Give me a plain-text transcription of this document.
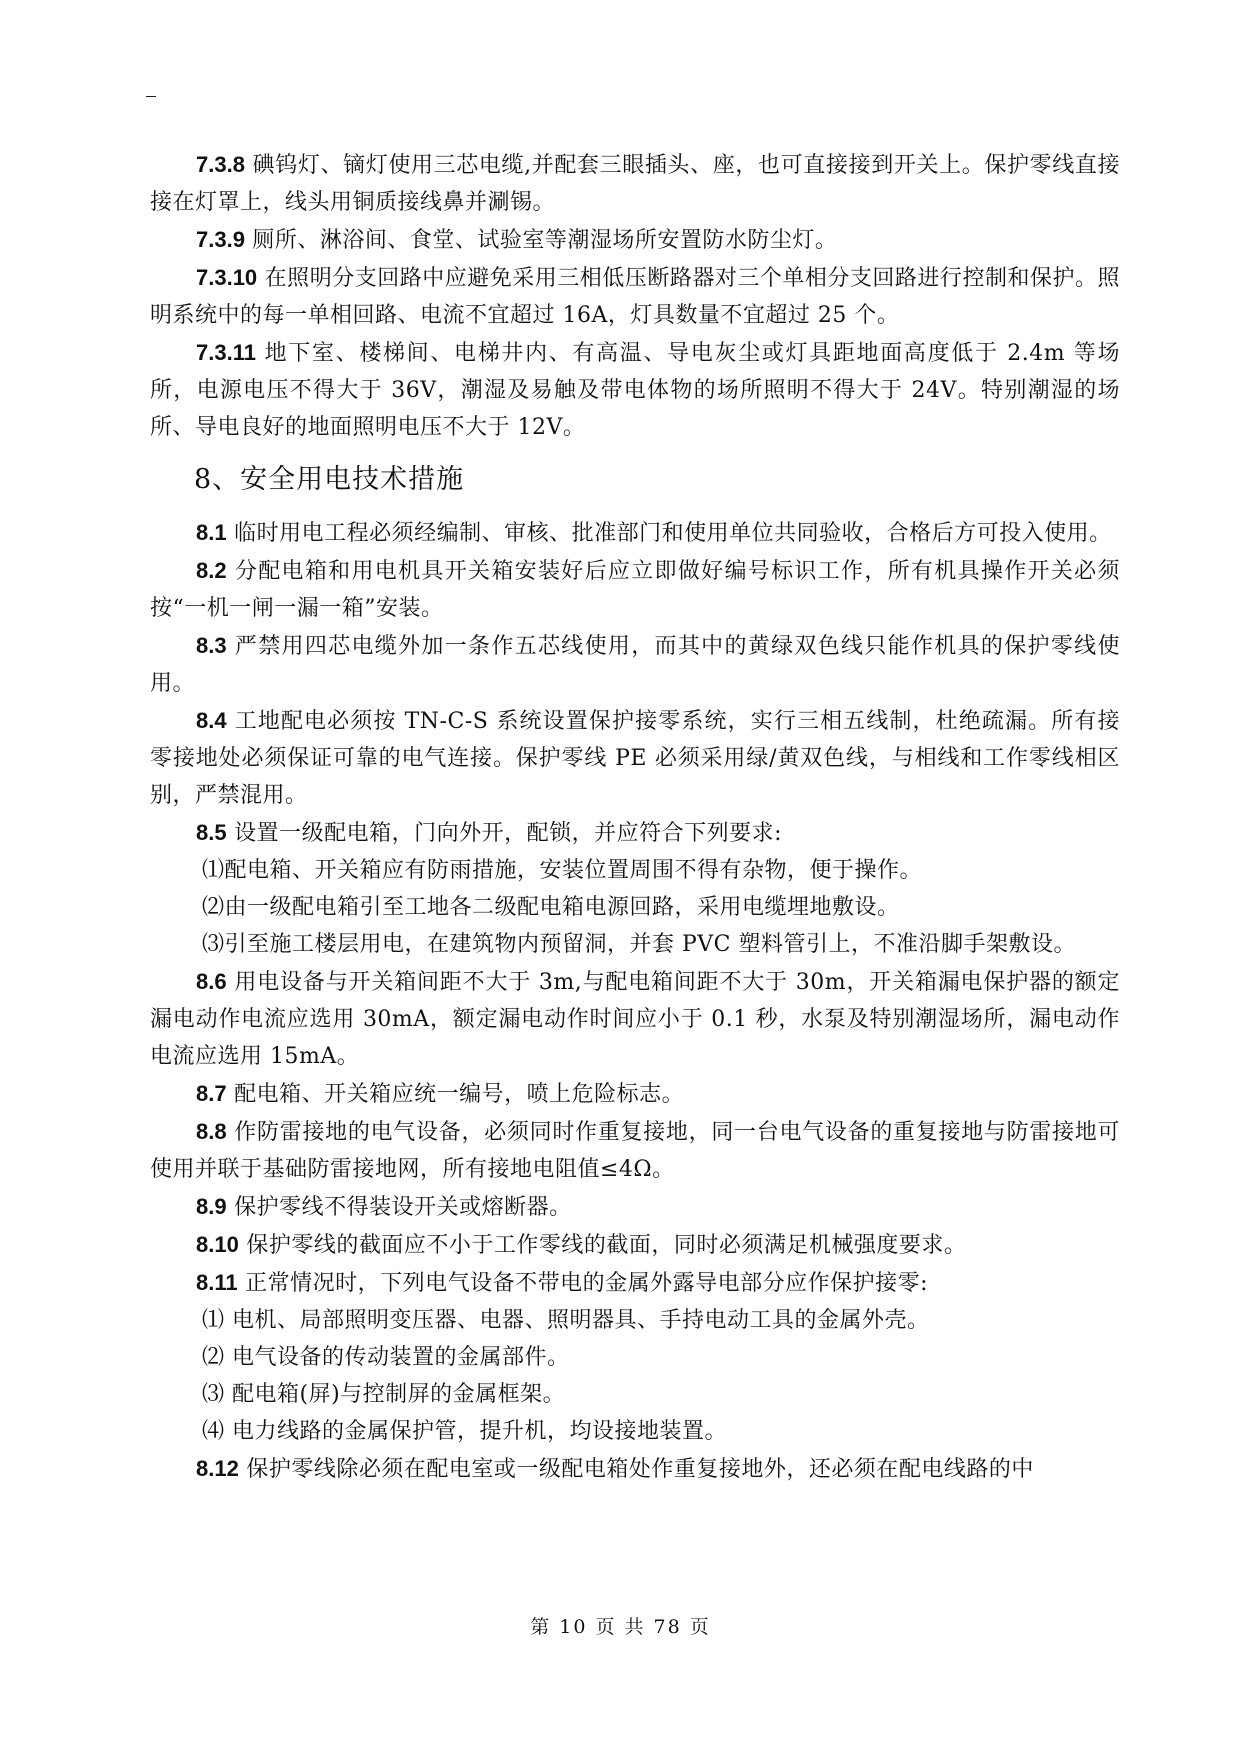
7.3.8 碘钨灯、镝灯使用三芯电缆,并配套三眼插头、座，也可直接接到开关上。保护零线直接接在灯罩上，线头用铜质接线鼻并涮锡。

7.3.9 厕所、淋浴间、食堂、试验室等潮湿场所安置防水防尘灯。

7.3.10 在照明分支回路中应避免采用三相低压断路器对三个单相分支回路进行控制和保护。照明系统中的每一单相回路、电流不宜超过 16A，灯具数量不宜超过 25 个。

7.3.11 地下室、楼梯间、电梯井内、有高温、导电灰尘或灯具距地面高度低于 2.4m 等场所，电源电压不得大于 36V，潮湿及易触及带电体物的场所照明不得大于 24V。特别潮湿的场所、导电良好的地面照明电压不大于 12V。

8、安全用电技术措施

8.1 临时用电工程必须经编制、审核、批准部门和使用单位共同验收，合格后方可投入使用。

8.2 分配电箱和用电机具开关箱安装好后应立即做好编号标识工作，所有机具操作开关必须按“一机一闸一漏一箱”安装。

8.3 严禁用四芯电缆外加一条作五芯线使用，而其中的黄绿双色线只能作机具的保护零线使用。

8.4 工地配电必须按 TN-C-S 系统设置保护接零系统，实行三相五线制，杜绝疏漏。所有接零接地处必须保证可靠的电气连接。保护零线 PE 必须采用绿/黄双色线，与相线和工作零线相区别，严禁混用。

8.5 设置一级配电箱，门向外开，配锁，并应符合下列要求:

⑴配电箱、开关箱应有防雨措施，安装位置周围不得有杂物，便于操作。

⑵由一级配电箱引至工地各二级配电箱电源回路，采用电缆埋地敷设。

⑶引至施工楼层用电，在建筑物内预留洞，并套 PVC 塑料管引上，不准沿脚手架敷设。

8.6 用电设备与开关箱间距不大于 3m,与配电箱间距不大于 30m，开关箱漏电保护器的额定漏电动作电流应选用 30mA，额定漏电动作时间应小于 0.1 秒，水泵及特别潮湿场所，漏电动作电流应选用 15mA。

8.7 配电箱、开关箱应统一编号，喷上危险标志。

8.8 作防雷接地的电气设备，必须同时作重复接地，同一台电气设备的重复接地与防雷接地可使用并联于基础防雷接地网，所有接地电阻值≤4Ω。

8.9 保护零线不得装设开关或熔断器。

8.10 保护零线的截面应不小于工作零线的截面，同时必须满足机械强度要求。

8.11 正常情况时，下列电气设备不带电的金属外露导电部分应作保护接零:

⑴ 电机、局部照明变压器、电器、照明器具、手持电动工具的金属外壳。

⑵ 电气设备的传动装置的金属部件。

⑶ 配电箱(屏)与控制屏的金属框架。

⑷ 电力线路的金属保护管，提升机，均设接地装置。

8.12 保护零线除必须在配电室或一级配电箱处作重复接地外，还必须在配电线路的中

第 10 页 共 78 页
